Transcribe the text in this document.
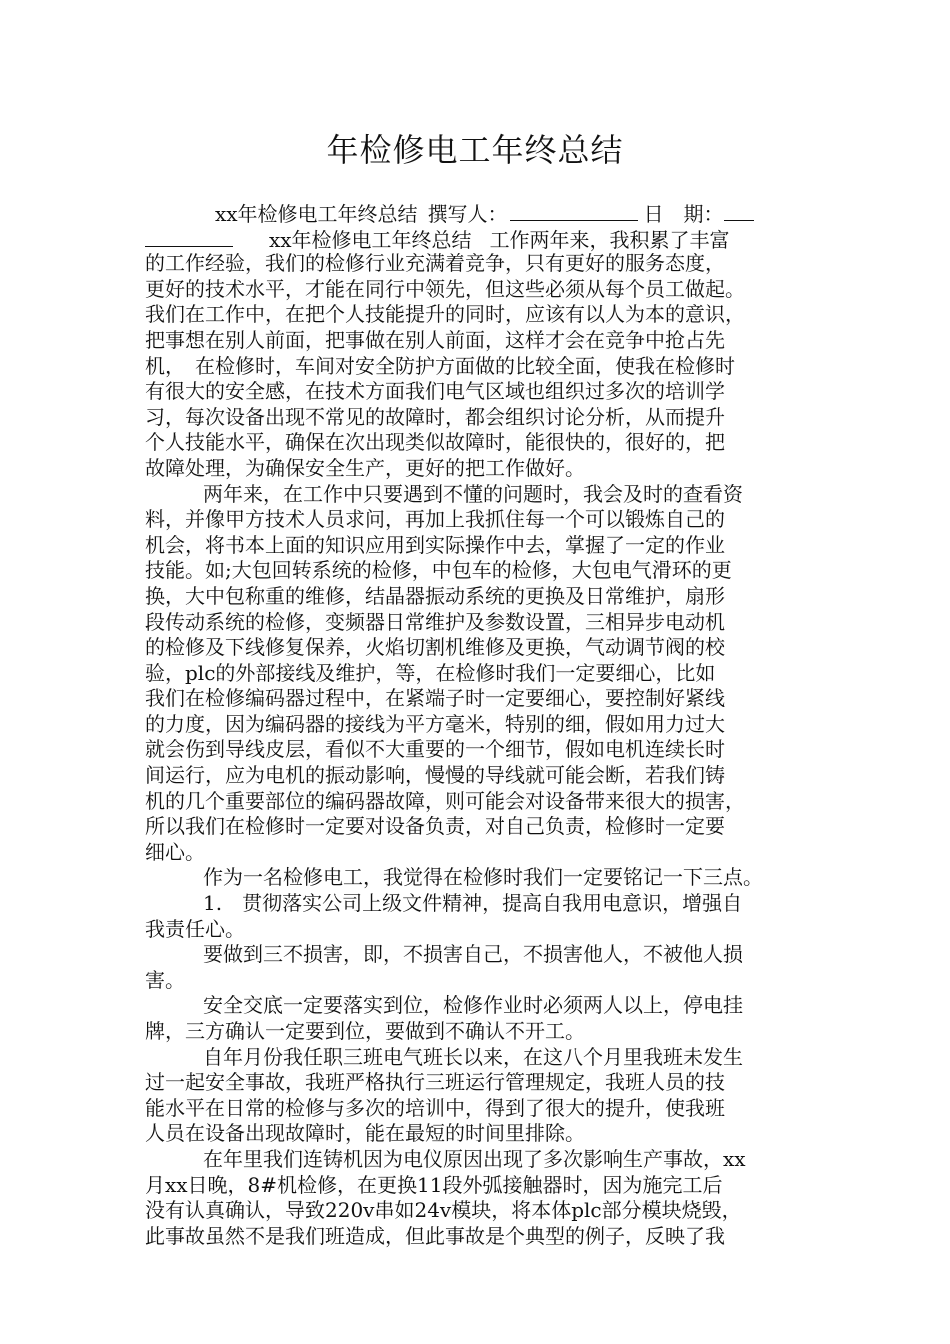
年检修电工年终总结
xx年检修电工年终总结 撰写人：	日　期：
xx年检修电工年终总结 工作两年来，我积累了丰富
的工作经验，我们的检修行业充满着竞争，只有更好的服务态度，
更好的技术水平，才能在同行中领先，但这些必须从每个员工做起。
我们在工作中，在把个人技能提升的同时，应该有以人为本的意识，
把事想在别人前面，把事做在别人前面，这样才会在竞争中抢占先
机，　在检修时，车间对安全防护方面做的比较全面，使我在检修时
有很大的安全感，在技术方面我们电气区域也组织过多次的培训学
习，每次设备出现不常见的故障时，都会组织讨论分析，从而提升
个人技能水平，确保在次出现类似故障时，能很快的，很好的，把
故障处理，为确保安全生产，更好的把工作做好。
两年来，在工作中只要遇到不懂的问题时，我会及时的查看资
料，并像甲方技术人员求问，再加上我抓住每一个可以锻炼自己的
机会，将书本上面的知识应用到实际操作中去，掌握了一定的作业
技能。如;大包回转系统的检修，中包车的检修，大包电气滑环的更
换，大中包称重的维修，结晶器振动系统的更换及日常维护，扇形
段传动系统的检修，变频器日常维护及参数设置，三相异步电动机
的检修及下线修复保养，火焰切割机维修及更换，气动调节阀的校
验，plc的外部接线及维护，等，在检修时我们一定要细心，比如
我们在检修编码器过程中，在紧端子时一定要细心，要控制好紧线
的力度，因为编码器的接线为平方毫米，特别的细，假如用力过大
就会伤到导线皮层，看似不大重要的一个细节，假如电机连续长时
间运行，应为电机的振动影响，慢慢的导线就可能会断，若我们铸
机的几个重要部位的编码器故障，则可能会对设备带来很大的损害，
所以我们在检修时一定要对设备负责，对自己负责，检修时一定要
细心。
作为一名检修电工，我觉得在检修时我们一定要铭记一下三点。
1.　贯彻落实公司上级文件精神，提高自我用电意识，增强自
我责任心。
要做到三不损害，即，不损害自己，不损害他人，不被他人损
害。
安全交底一定要落实到位，检修作业时必须两人以上，停电挂
牌，三方确认一定要到位，要做到不确认不开工。
自年月份我任职三班电气班长以来，在这八个月里我班未发生
过一起安全事故，我班严格执行三班运行管理规定，我班人员的技
能水平在日常的检修与多次的培训中，得到了很大的提升，使我班
人员在设备出现故障时，能在最短的时间里排除。
在年里我们连铸机因为电仪原因出现了多次影响生产事故，xx
月xx日晚，8#机检修，在更换11段外弧接触器时，因为施完工后
没有认真确认，导致220v串如24v模块，将本体plc部分模块烧毁，
此事故虽然不是我们班造成，但此事故是个典型的例子，反映了我
